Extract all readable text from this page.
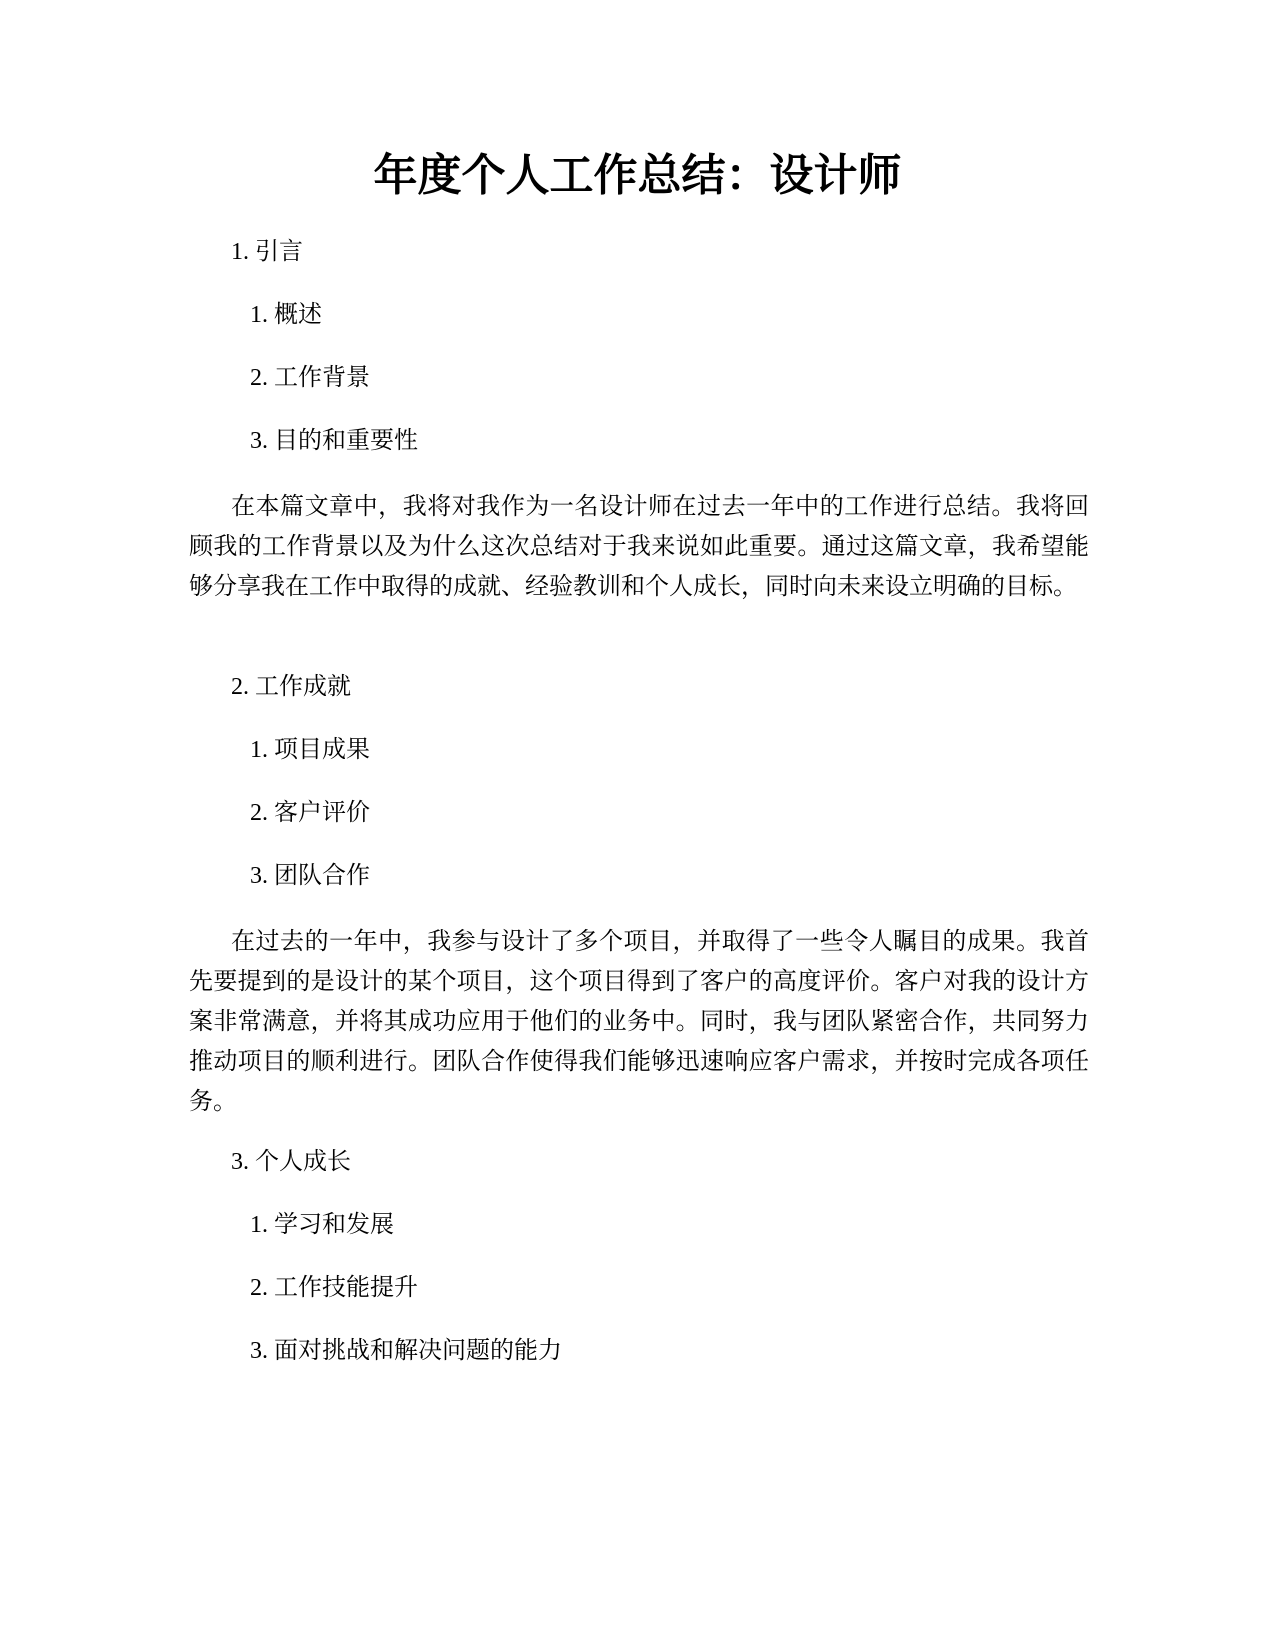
年度个人工作总结：设计师

1. 引言

1. 概述

2. 工作背景

3. 目的和重要性

在本篇文章中，我将对我作为一名设计师在过去一年中的工作进行总结。我将回顾我的工作背景以及为什么这次总结对于我来说如此重要。通过这篇文章，我希望能够分享我在工作中取得的成就、经验教训和个人成长，同时向未来设立明确的目标。

2. 工作成就

1. 项目成果

2. 客户评价

3. 团队合作

在过去的一年中，我参与设计了多个项目，并取得了一些令人瞩目的成果。我首先要提到的是设计的某个项目，这个项目得到了客户的高度评价。客户对我的设计方案非常满意，并将其成功应用于他们的业务中。同时，我与团队紧密合作，共同努力推动项目的顺利进行。团队合作使得我们能够迅速响应客户需求，并按时完成各项任务。

3. 个人成长

1. 学习和发展

2. 工作技能提升

3. 面对挑战和解决问题的能力
